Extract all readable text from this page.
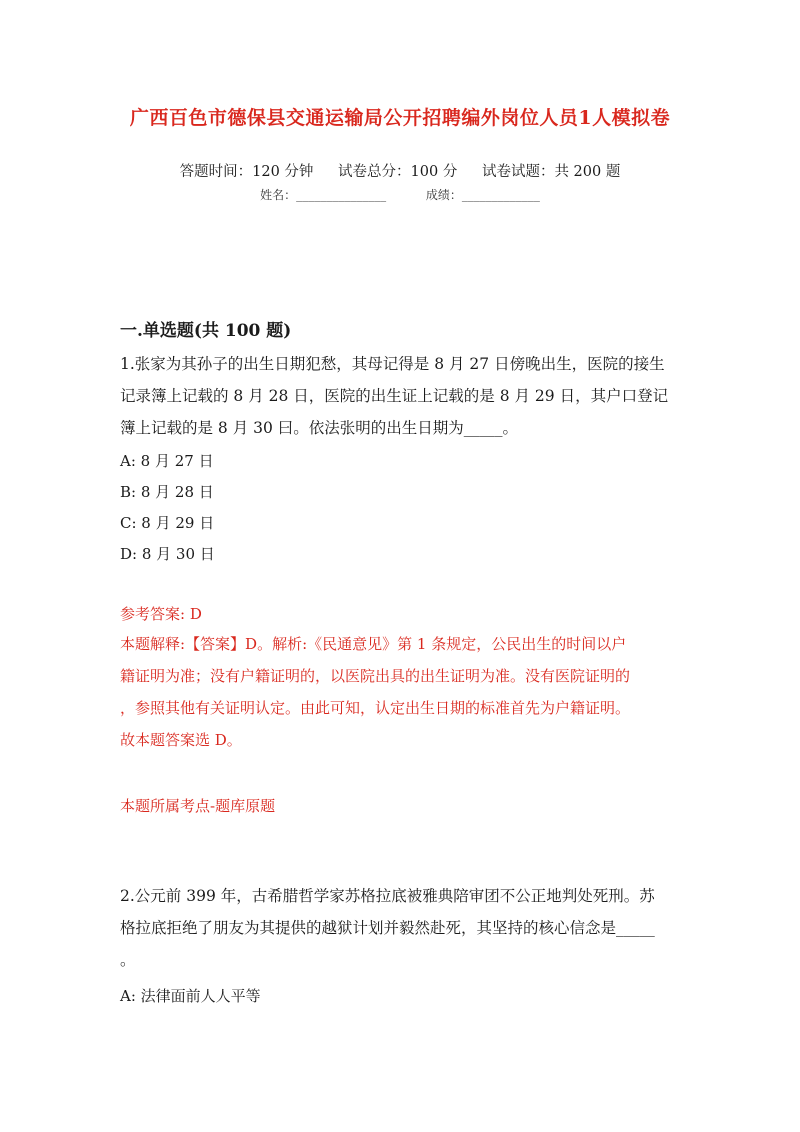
广西百色市德保县交通运输局公开招聘编外岗位人员1人模拟卷
答题时间：120 分钟 试卷总分：100 分 试卷试题：共 200 题
姓名：_______________	成绩：_____________
一.单选题(共 100 题)
1.张家为其孙子的出生日期犯愁，其母记得是 8 月 27 日傍晚出生，医院的接生
记录簿上记载的 8 月 28 日，医院的出生证上记载的是 8 月 29 日，其户口登记
簿上记载的是 8 月 30 曰。依法张明的出生日期为_____。
A: 8 月 27 日
B: 8 月 28 日
C: 8 月 29 日
D: 8 月 30 日
参考答案: D
本题解释:【答案】D。解析:《民通意见》第 1 条规定，公民出生的时间以户
籍证明为准；没有户籍证明的，以医院出具的出生证明为准。没有医院证明的
，参照其他有关证明认定。由此可知，认定出生日期的标准首先为户籍证明。
故本题答案选 D。
本题所属考点-题库原题
2.公元前 399 年，古希腊哲学家苏格拉底被雅典陪审团不公正地判处死刑。苏
格拉底拒绝了朋友为其提供的越狱计划并毅然赴死，其坚持的核心信念是_____
。
A: 法律面前人人平等
